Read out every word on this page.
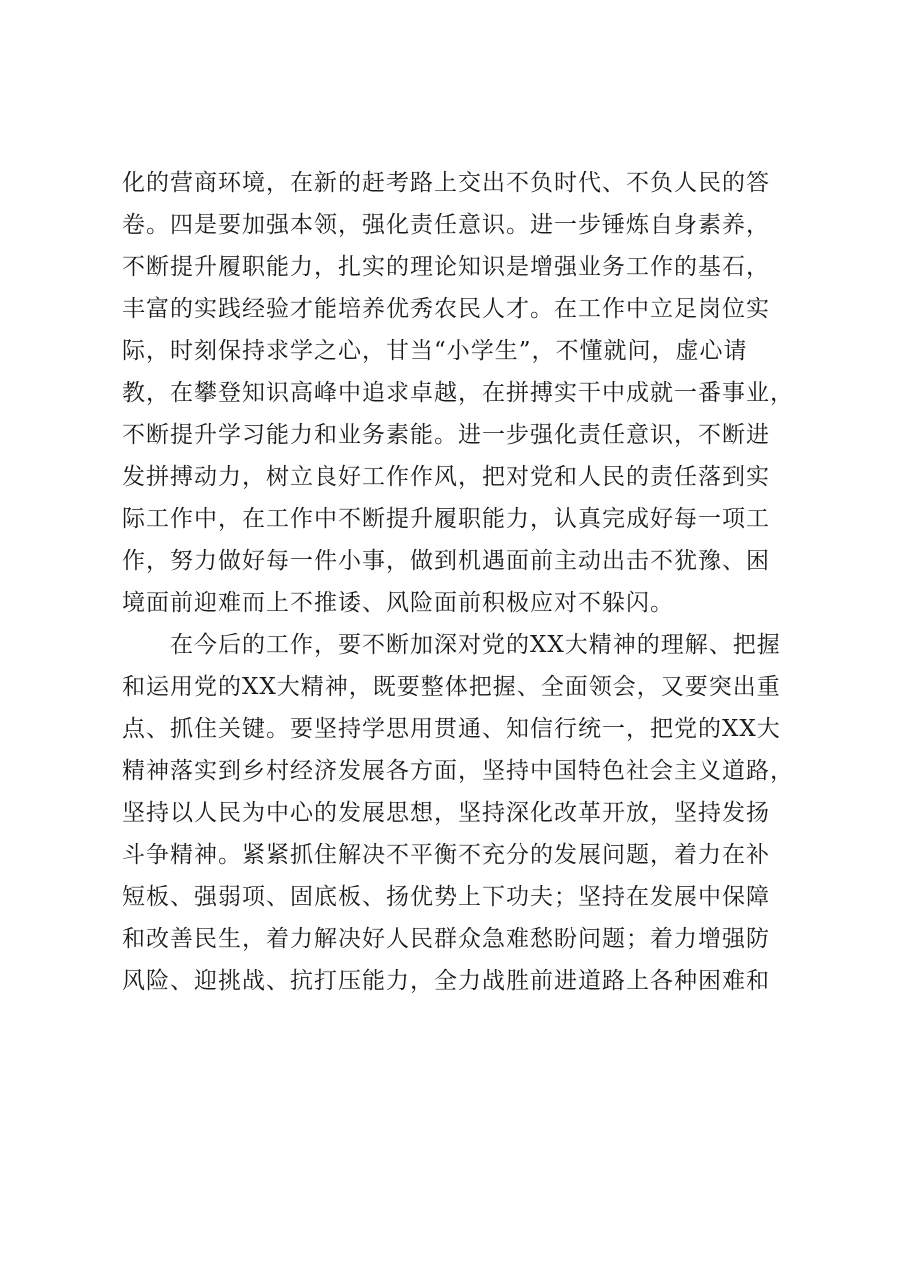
化的营商环境，在新的赶考路上交出不负时代、不负人民的答
卷。四是要加强本领，强化责任意识。进一步锤炼自身素养，
不断提升履职能力，扎实的理论知识是增强业务工作的基石，
丰富的实践经验才能培养优秀农民人才。在工作中立足岗位实
际，时刻保持求学之心，甘当“小学生”，不懂就问，虚心请
教，在攀登知识高峰中追求卓越，在拼搏实干中成就一番事业，
不断提升学习能力和业务素能。进一步强化责任意识，不断进
发拼搏动力，树立良好工作作风，把对党和人民的责任落到实
际工作中，在工作中不断提升履职能力，认真完成好每一项工
作，努力做好每一件小事，做到机遇面前主动出击不犹豫、困
境面前迎难而上不推诿、风险面前积极应对不躲闪。
在今后的工作，要不断加深对党的XX大精神的理解、把握
和运用党的XX大精神，既要整体把握、全面领会，又要突出重
点、抓住关键。要坚持学思用贯通、知信行统一，把党的XX大
精神落实到乡村经济发展各方面，坚持中国特色社会主义道路，
坚持以人民为中心的发展思想，坚持深化改革开放，坚持发扬
斗争精神。紧紧抓住解决不平衡不充分的发展问题，着力在补
短板、强弱项、固底板、扬优势上下功夫；坚持在发展中保障
和改善民生，着力解决好人民群众急难愁盼问题；着力增强防
风险、迎挑战、抗打压能力，全力战胜前进道路上各种困难和
